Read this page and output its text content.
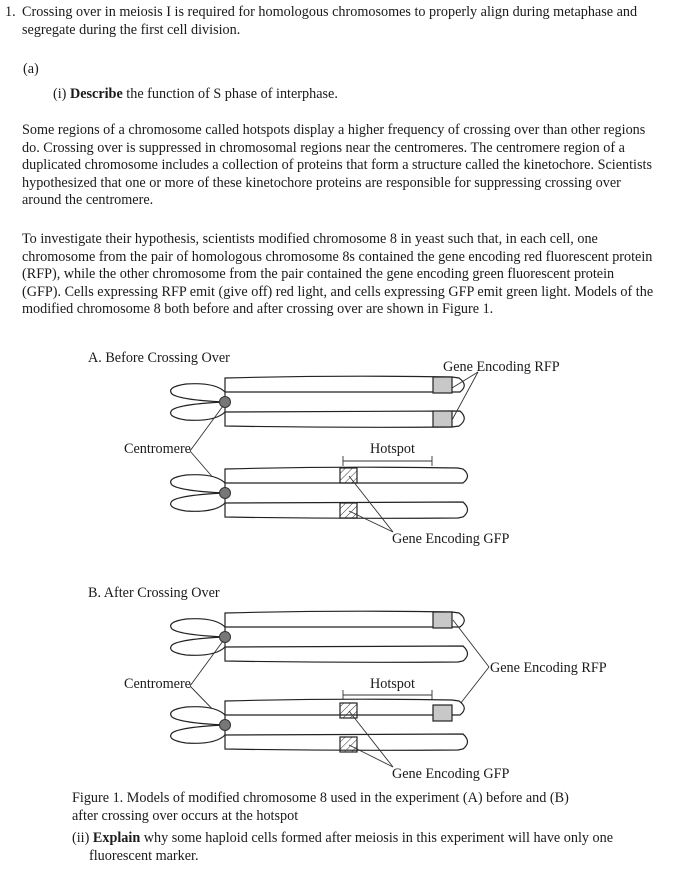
1. Crossing over in meiosis I is required for homologous chromosomes to properly align during metaphase and
segregate during the first cell division.
(a)
(i) Describe the function of S phase of interphase.
Some regions of a chromosome called hotspots display a higher frequency of crossing over than other regions
do. Crossing over is suppressed in chromosomal regions near the centromeres. The centromere region of a
duplicated chromosome includes a collection of proteins that form a structure called the kinetochore. Scientists
hypothesized that one or more of these kinetochore proteins are responsible for suppressing crossing over
around the centromere.
To investigate their hypothesis, scientists modified chromosome 8 in yeast such that, in each cell, one
chromosome from the pair of homologous chromosome 8s contained the gene encoding red fluorescent protein
(RFP), while the other chromosome from the pair contained the gene encoding green fluorescent protein
(GFP). Cells expressing RFP emit (give off) red light, and cells expressing GFP emit green light. Models of the
modified chromosome 8 both before and after crossing over are shown in Figure 1.
A. Before Crossing Over
Gene Encoding RFP
Centromere	Hotspot
Gene Encoding GFP
B. After Crossing Over
Gene Encoding RFP
Centromere	Hotspot
Gene Encoding GFP
Figure 1. Models of modified chromosome 8 used in the experiment (A) before and (B)
after crossing over occurs at the hotspot
(ii) Explain why some haploid cells formed after meiosis in this experiment will have only one
fluorescent marker.
